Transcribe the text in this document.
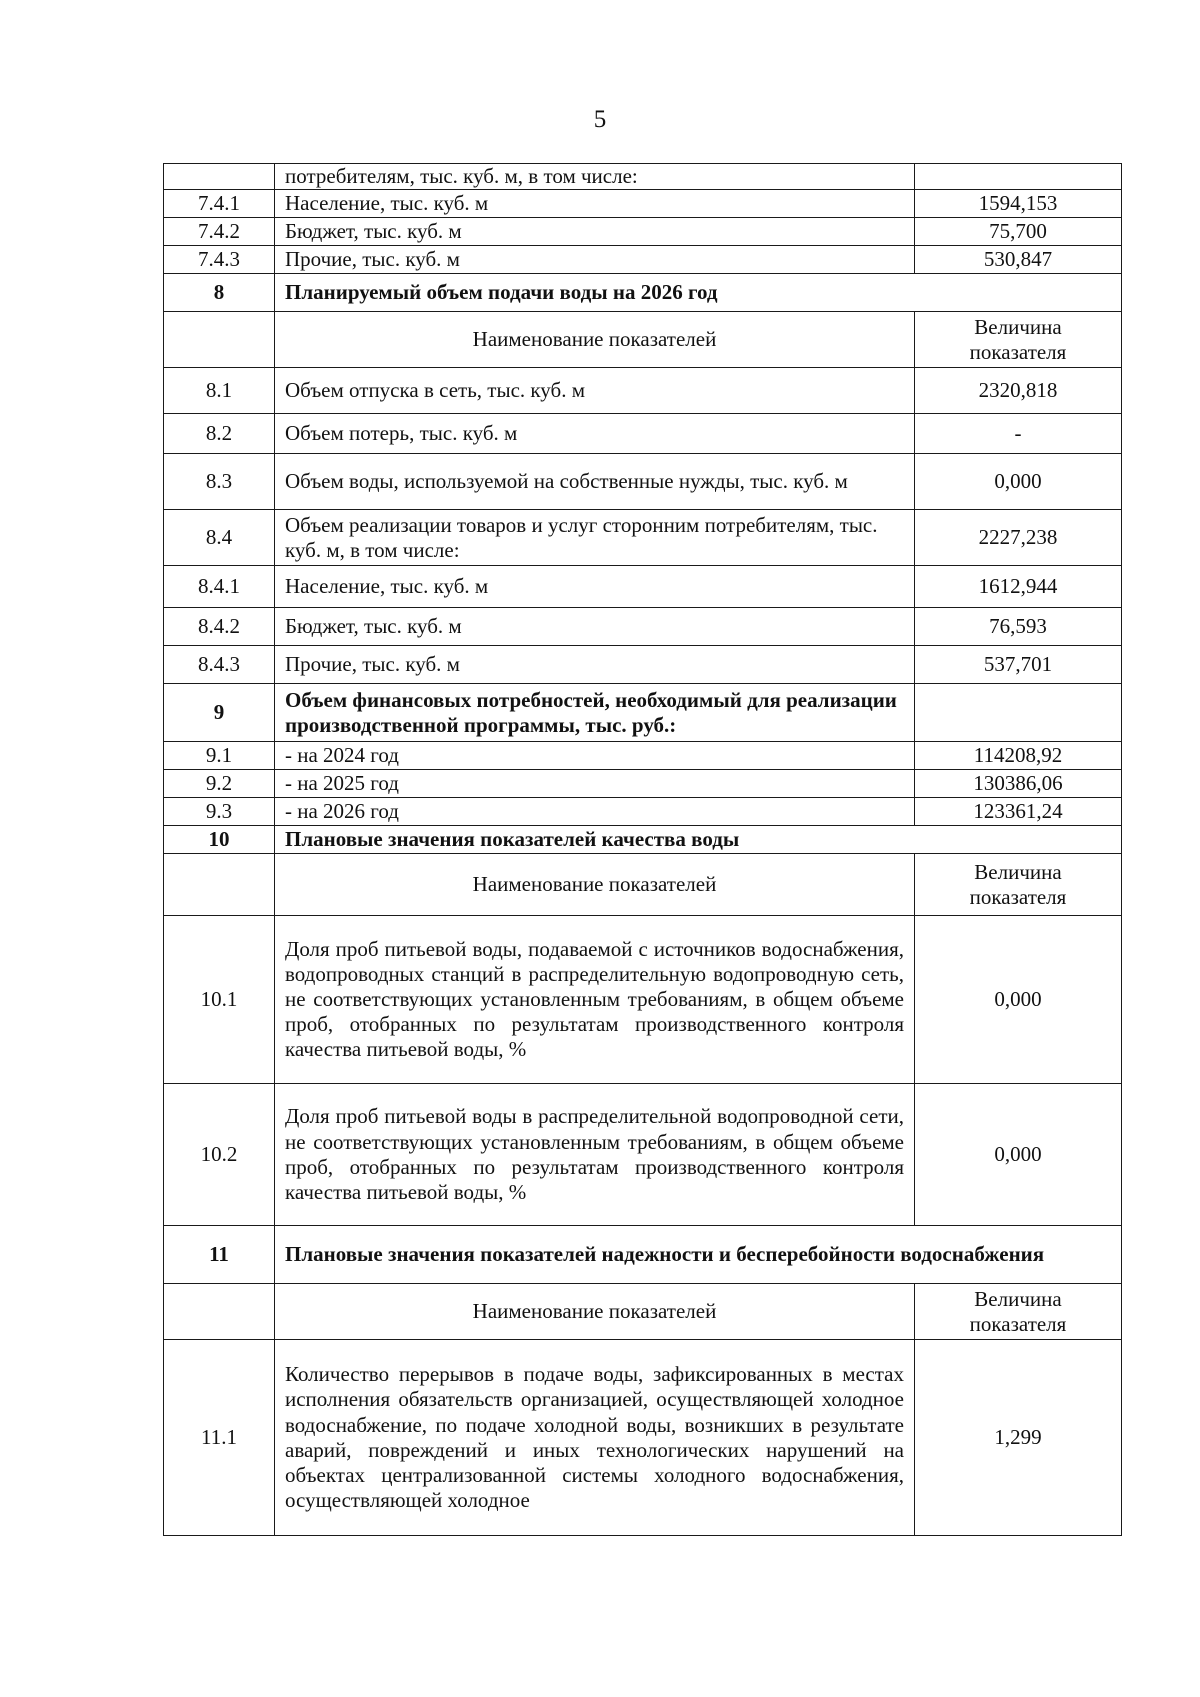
5
	потребителям, тыс. куб. м, в том числе:	
7.4.1	Население, тыс. куб. м	1594,153
7.4.2	Бюджет, тыс. куб. м	75,700
7.4.3	Прочие, тыс. куб. м	530,847
8	Планируемый объем подачи воды на 2026 год	
	Наименование показателей	Величина показателя
8.1	Объем отпуска в сеть, тыс. куб. м	2320,818
8.2	Объем потерь, тыс. куб. м	-
8.3	Объем воды, используемой на собственные нужды, тыс. куб. м	0,000
8.4	Объем реализации товаров и услуг сторонним потребителям, тыс. куб. м, в том числе:	2227,238
8.4.1	Население, тыс. куб. м	1612,944
8.4.2	Бюджет, тыс. куб. м	76,593
8.4.3	Прочие, тыс. куб. м	537,701
9	Объем финансовых потребностей, необходимый для реализации производственной программы, тыс. руб.:	
9.1	- на 2024 год	114208,92
9.2	- на 2025 год	130386,06
9.3	- на 2026 год	123361,24
10	Плановые значения показателей качества воды	
	Наименование показателей	Величина показателя
10.1	Доля проб питьевой воды, подаваемой с источников водоснабжения, водопроводных станций в распределительную водопроводную сеть, не соответствующих установленным требованиям, в общем объеме проб, отобранных по результатам производственного контроля качества питьевой воды, %	0,000
10.2	Доля проб питьевой воды в распределительной водопроводной сети, не соответствующих установленным требованиям, в общем объеме проб, отобранных по результатам производственного контроля качества питьевой воды, %	0,000
11	Плановые значения показателей надежности и бесперебойности водоснабжения	
	Наименование показателей	Величина показателя
11.1	Количество перерывов в подаче воды, зафиксированных в местах исполнения обязательств организацией, осуществляющей холодное водоснабжение, по подаче холодной воды, возникших в результате аварий, повреждений и иных технологических нарушений на объектах централизованной системы холодного водоснабжения, осуществляющей холодное	1,299
